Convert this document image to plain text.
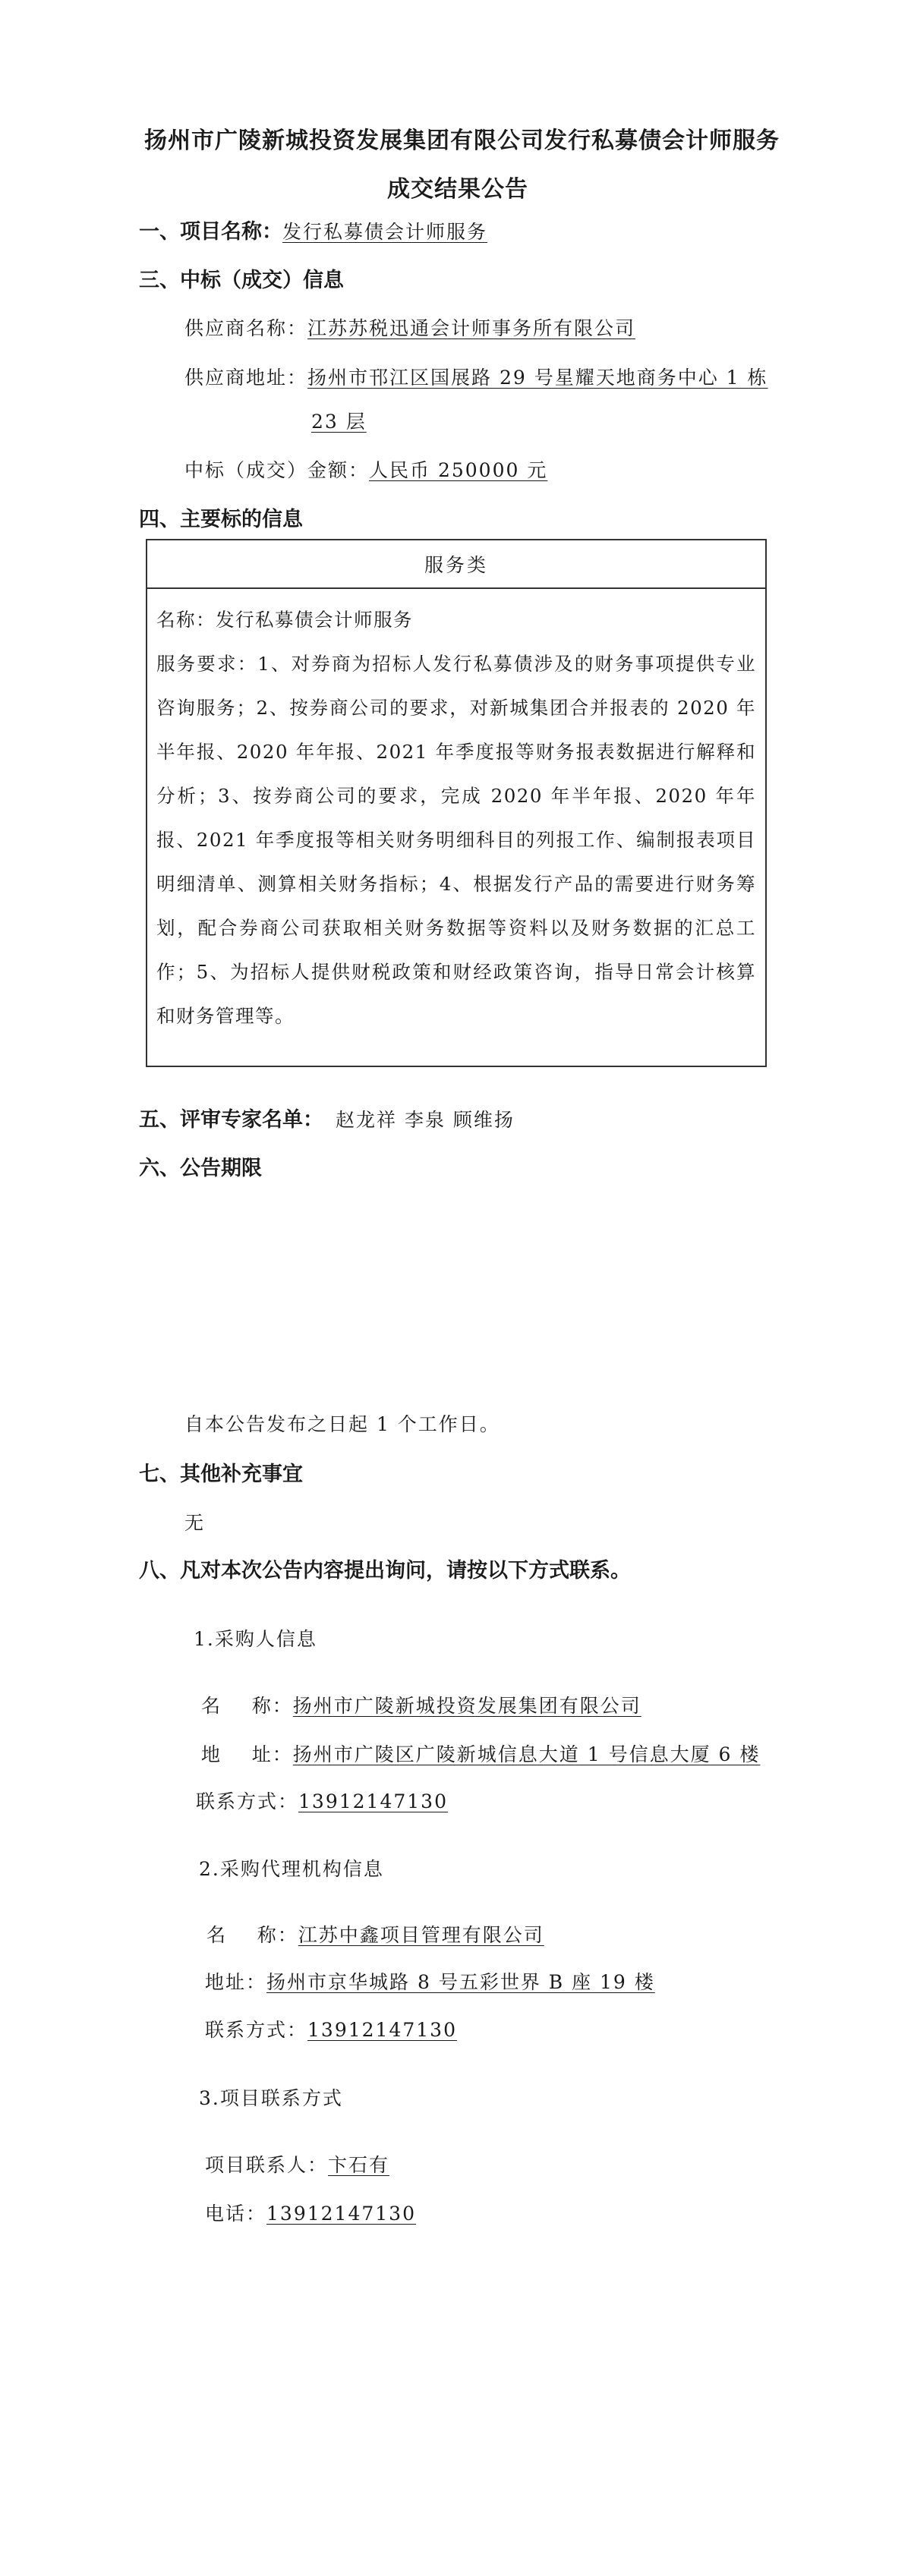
扬州市广陵新城投资发展集团有限公司发行私募债会计师服务
成交结果公告
一、项目名称：发行私募债会计师服务
三、中标（成交）信息
供应商名称：江苏苏税迅通会计师事务所有限公司
供应商地址：扬州市邗江区国展路 29 号星耀天地商务中心 1 栋
23 层
中标（成交）金额：人民币 250000 元
四、主要标的信息
服务类

名称：发行私募债会计师服务

服务要求：1、对券商为招标人发行私募债涉及的财务事项提供专业咨询服务；2、按券商公司的要求，对新城集团合并报表的 2020 年半年报、2020 年年报、2021 年季度报等财务报表数据进行解释和分析；3、按券商公司的要求，完成 2020 年半年报、2020 年年报、2021 年季度报等相关财务明细科目的列报工作、编制报表项目明细清单、测算相关财务指标；4、根据发行产品的需要进行财务筹划，配合券商公司获取相关财务数据等资料以及财务数据的汇总工作；5、为招标人提供财税政策和财经政策咨询，指导日常会计核算和财务管理等。

五、评审专家名单： 赵龙祥 李泉 顾维扬
六、公告期限
自本公告发布之日起 1 个工作日。
七、其他补充事宜
无
八、凡对本次公告内容提出询问，请按以下方式联系。
1.采购人信息
名    称：扬州市广陵新城投资发展集团有限公司
地    址：扬州市广陵区广陵新城信息大道 1 号信息大厦 6 楼
联系方式：13912147130
2.采购代理机构信息
名    称：江苏中鑫项目管理有限公司
地址：扬州市京华城路 8 号五彩世界 B 座 19 楼
联系方式：13912147130
3.项目联系方式
项目联系人：卞石有
电话：13912147130
